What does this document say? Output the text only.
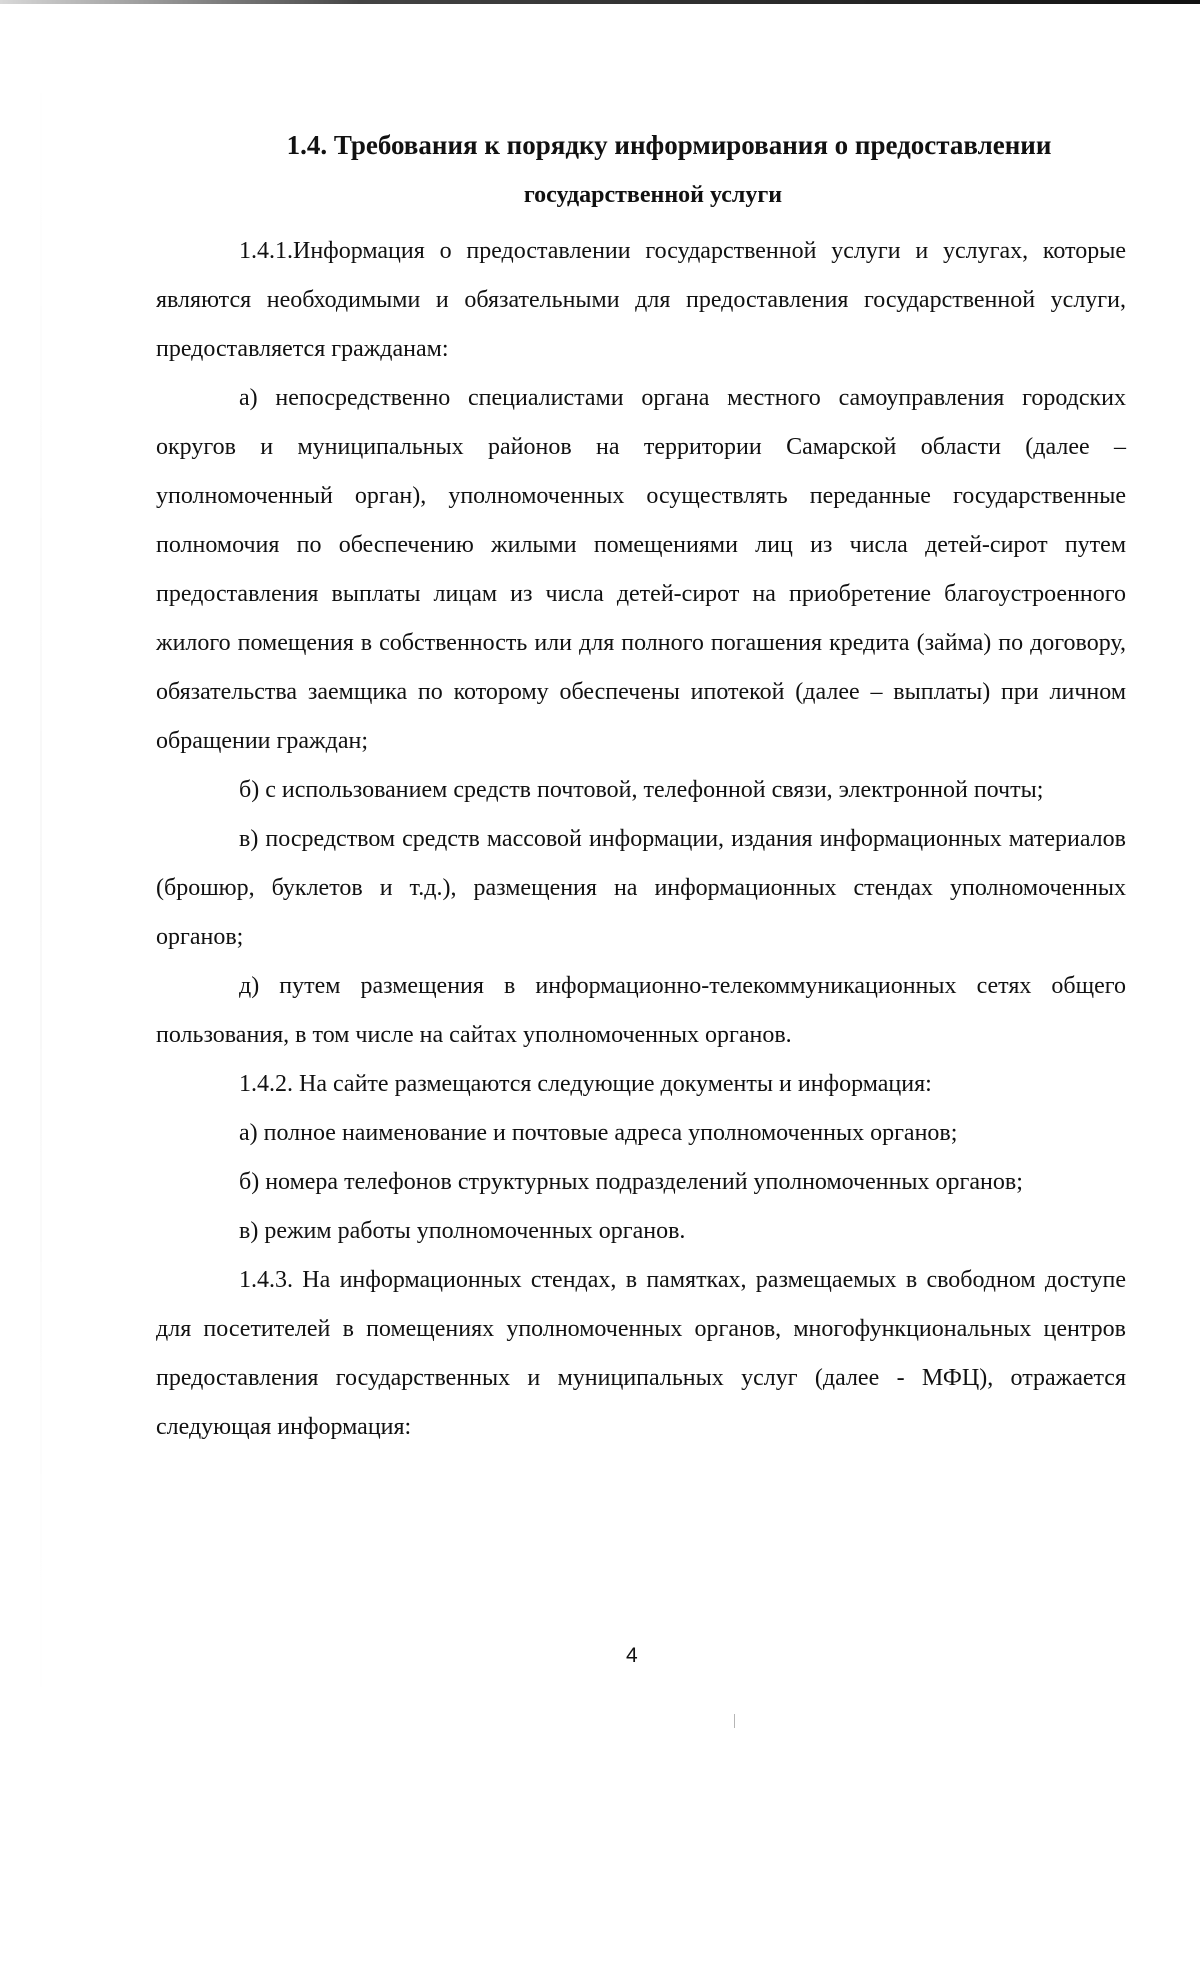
1.4. Требования к порядку информирования о предоставлении
государственной услуги

1.4.1.Информация о предоставлении государственной услуги и услугах, которые являются необходимыми и обязательными для предоставления государственной услуги, предоставляется гражданам:

а) непосредственно специалистами органа местного самоуправления городских округов и муниципальных районов на территории Самарской области (далее – уполномоченный орган), уполномоченных осуществлять переданные государственные полномочия по обеспечению жилыми помещениями лиц из числа детей-сирот путем предоставления выплаты лицам из числа детей-сирот на приобретение благоустроенного жилого помещения в собственность или для полного погашения кредита (займа) по договору, обязательства заемщика по которому обеспечены ипотекой (далее – выплаты) при личном обращении граждан;

б) с использованием средств почтовой, телефонной связи, электронной почты;

в) посредством средств массовой информации, издания информационных материалов (брошюр, буклетов и т.д.), размещения на информационных стендах уполномоченных органов;

д) путем размещения в информационно-телекоммуникационных сетях общего пользования, в том числе на сайтах уполномоченных органов.

1.4.2. На сайте размещаются следующие документы и информация:

а) полное наименование и почтовые адреса уполномоченных органов;

б) номера телефонов структурных подразделений уполномоченных органов;

в) режим работы уполномоченных органов.

1.4.3. На информационных стендах, в памятках, размещаемых в свободном доступе для посетителей в помещениях уполномоченных органов, многофункциональных центров предоставления государственных и муниципальных услуг (далее - МФЦ), отражается следующая информация:

4
